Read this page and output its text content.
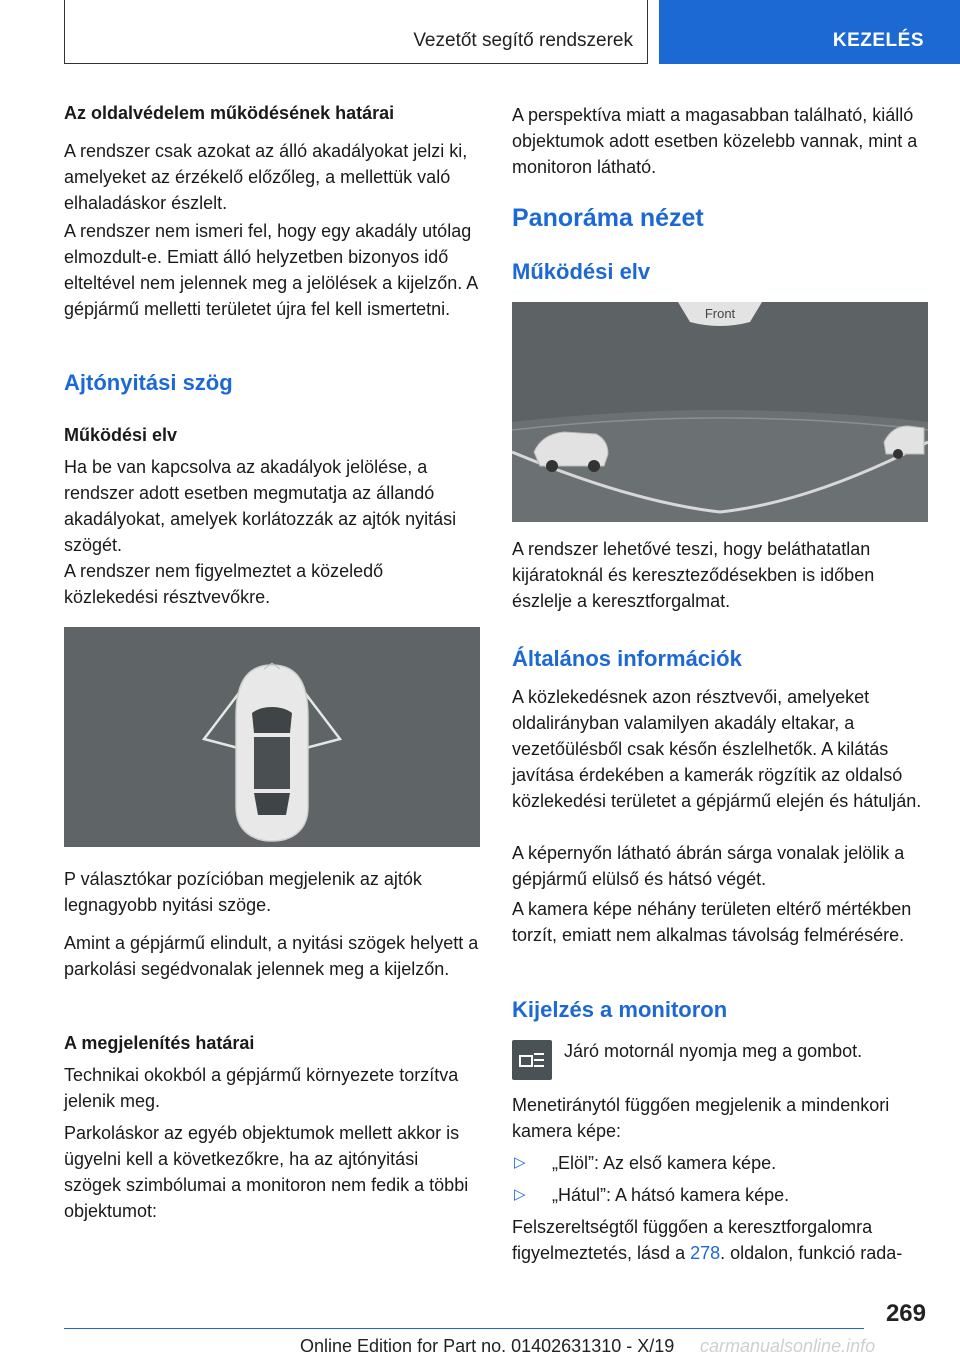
Vezetőt segítő rendszerek	KEZELÉS
Az oldalvédelem működésének határai
A rendszer csak azokat az álló akadályokat jelzi ki, amelyeket az érzékelő előzőleg, a mellettük való elhaladáskor észlelt.
A rendszer nem ismeri fel, hogy egy akadály utólag elmozdult-e. Emiatt álló helyzetben bizonyos idő elteltével nem jelennek meg a jelölések a kijelzőn. A gépjármű melletti területet újra fel kell ismertetni.
Ajtónyitási szög
Működési elv
Ha be van kapcsolva az akadályok jelölése, a rendszer adott esetben megmutatja az állandó akadályokat, amelyek korlátozzák az ajtók nyitási szögét.
A rendszer nem figyelmeztet a közeledő közlekedési résztvevőkre.
P választókar pozícióban megjelenik az ajtók legnagyobb nyitási szöge.
Amint a gépjármű elindult, a nyitási szögek helyett a parkolási segédvonalak jelennek meg a kijelzőn.
A megjelenítés határai
Technikai okokból a gépjármű környezete torzítva jelenik meg.
Parkoláskor az egyéb objektumok mellett akkor is ügyelni kell a következőkre, ha az ajtónyitási szögek szimbólumai a monitoron nem fedik a többi objektumot:
A perspektíva miatt a magasabban található, kiálló objektumok adott esetben közelebb vannak, mint a monitoron látható.
Panoráma nézet
Működési elv
Front
A rendszer lehetővé teszi, hogy beláthatatlan kijáratoknál és kereszteződésekben is időben észlelje a keresztforgalmat.
Általános információk
A közlekedésnek azon résztvevői, amelyeket oldalirányban valamilyen akadály eltakar, a vezetőülésből csak későn észlelhetők. A kilátás javítása érdekében a kamerák rögzítik az oldalsó közlekedési területet a gépjármű elején és hátulján.
A képernyőn látható ábrán sárga vonalak jelölik a gépjármű elülső és hátsó végét.
A kamera képe néhány területen eltérő mértékben torzít, emiatt nem alkalmas távolság felmérésére.
Kijelzés a monitoron
Járó motornál nyomja meg a gombot.
Menetiránytól függően megjelenik a mindenkori kamera képe:
▷ „Elöl”: Az első kamera képe.
▷ „Hátul”: A hátsó kamera képe.
Felszereltségtől függően a keresztforgalomra figyelmeztetés, lásd a 278. oldalon, funkció rada-
269
Online Edition for Part no. 01402631310 - X/19 carmanualsonline.info
